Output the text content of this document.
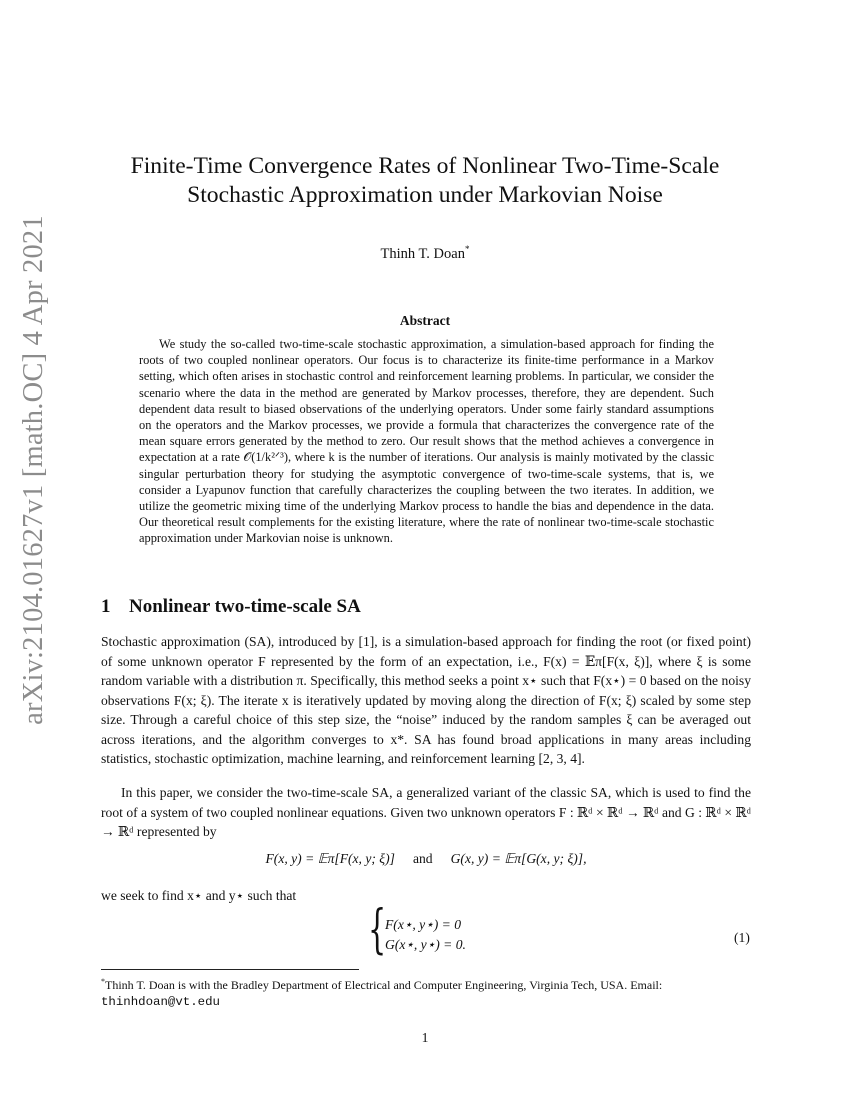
arXiv:2104.01627v1 [math.OC] 4 Apr 2021
Finite-Time Convergence Rates of Nonlinear Two-Time-Scale
Stochastic Approximation under Markovian Noise
Thinh T. Doan*
Abstract
We study the so-called two-time-scale stochastic approximation, a simulation-based approach for finding the roots of two coupled nonlinear operators. Our focus is to characterize its finite-time performance in a Markov setting, which often arises in stochastic control and reinforcement learning problems. In particular, we consider the scenario where the data in the method are generated by Markov processes, therefore, they are dependent. Such dependent data result to biased observations of the underlying operators. Under some fairly standard assumptions on the operators and the Markov processes, we provide a formula that characterizes the convergence rate of the mean square errors generated by the method to zero. Our result shows that the method achieves a convergence in expectation at a rate 𝒪(1/k²ᐟ³), where k is the number of iterations. Our analysis is mainly motivated by the classic singular perturbation theory for studying the asymptotic convergence of two-time-scale systems, that is, we consider a Lyapunov function that carefully characterizes the coupling between the two iterates. In addition, we utilize the geometric mixing time of the underlying Markov process to handle the bias and dependence in the data. Our theoretical result complements for the existing literature, where the rate of nonlinear two-time-scale stochastic approximation under Markovian noise is unknown.
1 Nonlinear two-time-scale SA
Stochastic approximation (SA), introduced by [1], is a simulation-based approach for finding the root (or fixed point) of some unknown operator F represented by the form of an expectation, i.e., F(x) = 𝔼π[F(x, ξ)], where ξ is some random variable with a distribution π. Specifically, this method seeks a point x⋆ such that F(x⋆) = 0 based on the noisy observations F(x; ξ). The iterate x is iteratively updated by moving along the direction of F(x; ξ) scaled by some step size. Through a careful choice of this step size, the “noise” induced by the random samples ξ can be averaged out across iterations, and the algorithm converges to x*. SA has found broad applications in many areas including statistics, stochastic optimization, machine learning, and reinforcement learning [2, 3, 4].
In this paper, we consider the two-time-scale SA, a generalized variant of the classic SA, which is used to find the root of a system of two coupled nonlinear equations. Given two unknown operators F : ℝᵈ × ℝᵈ → ℝᵈ and G : ℝᵈ × ℝᵈ → ℝᵈ represented by
F(x, y) = 𝔼π[F(x, y; ξ)] and G(x, y) = 𝔼π[G(x, y; ξ)],
we seek to find x⋆ and y⋆ such that
{
F(x⋆, y⋆) = 0
G(x⋆, y⋆) = 0.	(1)
*Thinh T. Doan is with the Bradley Department of Electrical and Computer Engineering, Virginia Tech, USA. Email:
thinhdoan@vt.edu
1
